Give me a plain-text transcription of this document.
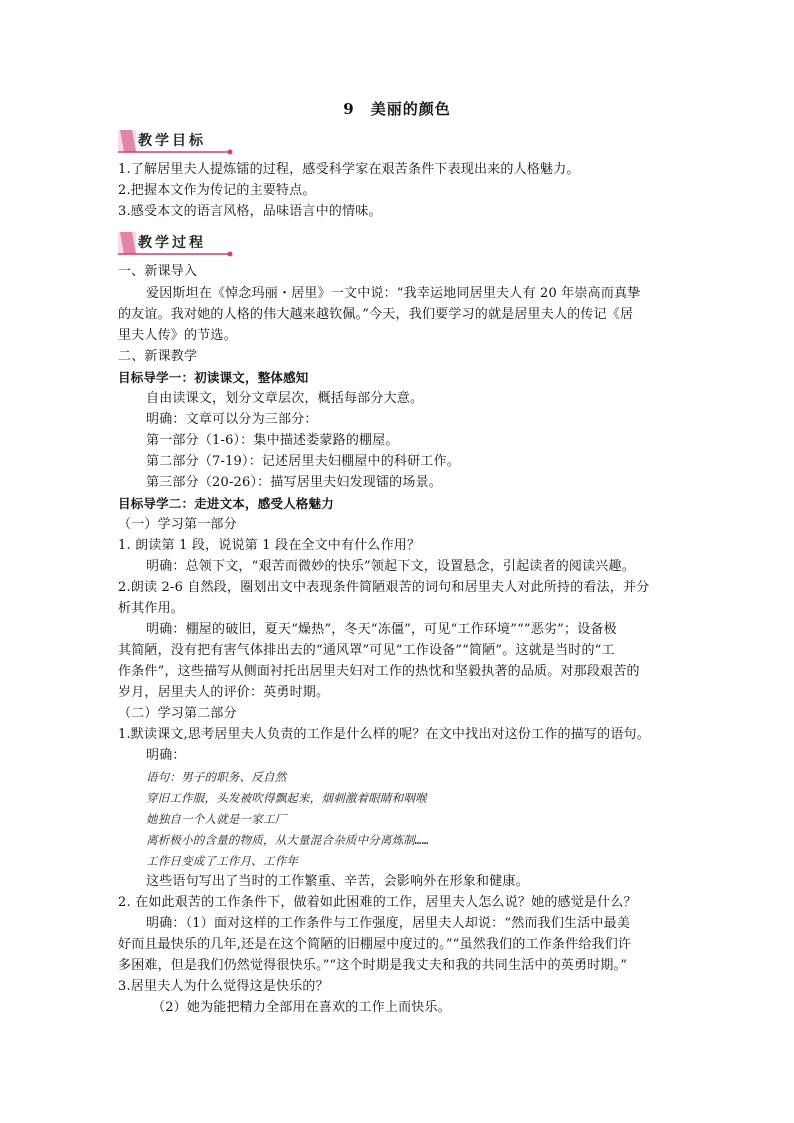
9　美丽的颜色
教学目标
1.了解居里夫人提炼镭的过程，感受科学家在艰苦条件下表现出来的人格魅力。
2.把握本文作为传记的主要特点。
3.感受本文的语言风格，品味语言中的情味。
教学过程
一、新课导入
爱因斯坦在《悼念玛丽・居里》一文中说：“我幸运地同居里夫人有 20 年崇高而真挚
的友谊。我对她的人格的伟大越来越钦佩。”今天，我们要学习的就是居里夫人的传记《居
里夫人传》的节选。
二、新课教学
目标导学一：初读课文，整体感知
自由读课文，划分文章层次，概括每部分大意。
明确：文章可以分为三部分：
第一部分（1-6）：集中描述娄蒙路的棚屋。
第二部分（7-19）：记述居里夫妇棚屋中的科研工作。
第三部分（20-26）：描写居里夫妇发现镭的场景。
目标导学二：走进文本，感受人格魅力
（一）学习第一部分
1. 朗读第 1 段，说说第 1 段在全文中有什么作用？
明确：总领下文，“艰苦而微妙的快乐”领起下文，设置悬念，引起读者的阅读兴趣。
2.朗读 2-6 自然段，圈划出文中表现条件简陋艰苦的词句和居里夫人对此所持的看法，并分
析其作用。
明确：棚屋的破旧，夏天“燥热”，冬天“冻僵”，可见“工作环境”“”恶劣”；设备极
其简陋，没有把有害气体排出去的“通风罩”可见“工作设备”“简陋”。这就是当时的“工
作条件”，这些描写从侧面衬托出居里夫妇对工作的热忱和坚毅执著的品质。对那段艰苦的
岁月，居里夫人的评价：英勇时期。
（二）学习第二部分
1.默读课文,思考居里夫人负责的工作是什么样的呢？在文中找出对这份工作的描写的语句。
明确：
语句：男子的职务、反自然
穿旧工作服，头发被吹得飘起来，烟刺激着眼睛和咽喉
她独自一个人就是一家工厂
离析极小的含量的物质，从大量混合杂质中分离炼制……
工作日变成了工作月、工作年
这些语句写出了当时的工作繁重、辛苦，会影响外在形象和健康。
2. 在如此艰苦的工作条件下，做着如此困难的工作，居里夫人怎么说？她的感觉是什么？
明确：（1）面对这样的工作条件与工作强度，居里夫人却说：“然而我们生活中最美
好而且最快乐的几年,还是在这个简陋的旧棚屋中度过的。”“虽然我们的工作条件给我们许
多困难，但是我们仍然觉得很快乐。”“这个时期是我丈夫和我的共同生活中的英勇时期。”
3.居里夫人为什么觉得这是快乐的？
（2）她为能把精力全部用在喜欢的工作上而快乐。
